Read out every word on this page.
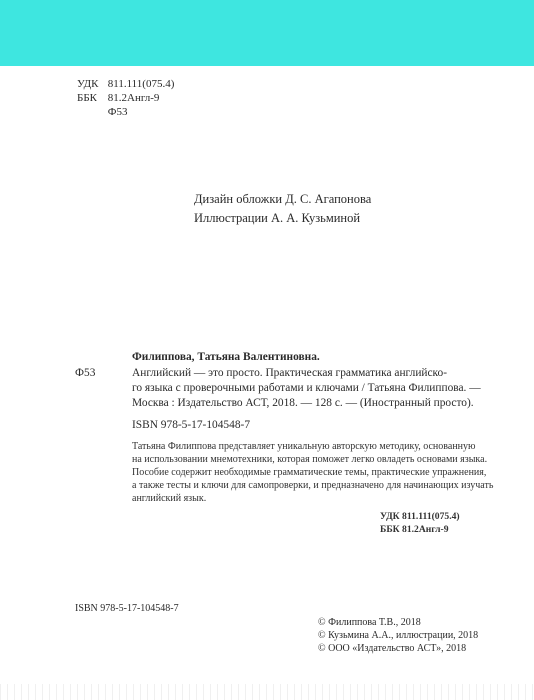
УДК 811.111(075.4)
ББК 81.2Англ-9
Ф53
Дизайн обложки Д. С. Агапонова
Иллюстрации А. А. Кузьминой
Филиппова, Татьяна Валентиновна.
Ф53	Английский — это просто. Практическая грамматика английско-
го языка с проверочными работами и ключами / Татьяна Филиппова. —
Москва : Издательство АСТ, 2018. — 128 с. — (Иностранный просто).
ISBN 978-5-17-104548-7
Татьяна Филиппова представляет уникальную авторскую методику, основанную
на использовании мнемотехники, которая поможет легко овладеть основами языка.
Пособие содержит необходимые грамматические темы, практические упражнения,
а также тесты и ключи для самопроверки, и предназначено для начинающих изучать
английский язык.
УДК 811.111(075.4)
ББК 81.2Англ-9
ISBN 978-5-17-104548-7
© Филиппова Т.В., 2018
© Кузьмина А.А., иллюстрации, 2018
© ООО «Издательство АСТ», 2018
